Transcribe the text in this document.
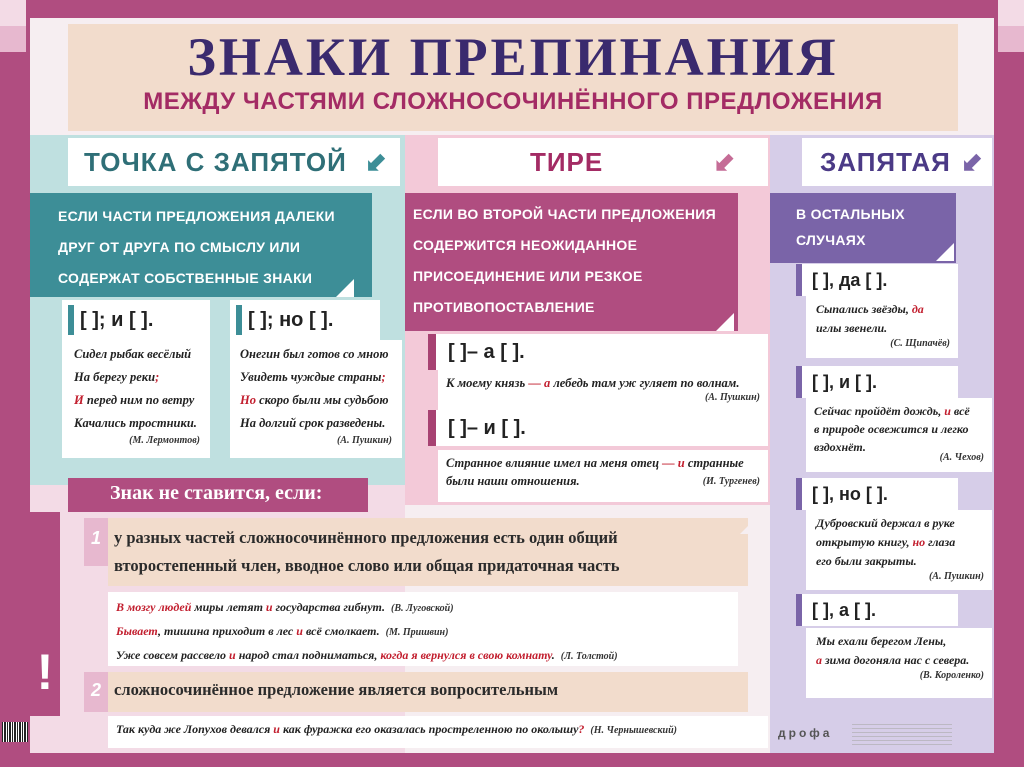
ЗНАКИ ПРЕПИНАНИЯ
МЕЖДУ ЧАСТЯМИ СЛОЖНОСОЧИНЁННОГО ПРЕДЛОЖЕНИЯ
ТОЧКА С ЗАПЯТОЙ ⬋	ТИРЕ	⬋	ЗАПЯТАЯ ⬋
ЕСЛИ ЧАСТИ ПРЕДЛОЖЕНИЯ ДАЛЕКИ
ДРУГ ОТ ДРУГА ПО СМЫСЛУ ИЛИ
СОДЕРЖАТ СОБСТВЕННЫЕ ЗНАКИ
ЕСЛИ ВО ВТОРОЙ ЧАСТИ ПРЕДЛОЖЕНИЯ
СОДЕРЖИТСЯ НЕОЖИДАННОЕ
ПРИСОЕДИНЕНИЕ ИЛИ РЕЗКОЕ
ПРОТИВОПОСТАВЛЕНИЕ
В ОСТАЛЬНЫХ
СЛУЧАЯХ
[ ]; и [ ].	[ ]; но [ ].
Сидел рыбак весёлый
На берегу реки;
И перед ним по ветру
Качались тростники.
(М. Лермонтов)
Онегин был готов со мною
Увидеть чуждые страны;
Но скоро были мы судьбою
На долгий срок разведены.
(А. Пушкин)
[ ]– а [ ].
К моему князь — а лебедь там уж гуляет по волнам.
(А. Пушкин)
[ ]– и [ ].
Странное влияние имел на меня отец — и странные
были наши отношения.	(И. Тургенев)
[ ], да [ ].
Сыпались звёзды, да
иглы звенели.
(С. Щипачёв)
[ ], и [ ].
Сейчас пройдёт дождь, и всё
в природе освежится и легко
вздохнёт.
(А. Чехов)
[ ], но [ ].
Дубровский держал в руке
открытую книгу, но глаза
его были закрыты.
(А. Пушкин)
[ ], а [ ].
Мы ехали берегом Лены,
а зима догоняла нас с севера.
(В. Короленко)
Знак не ставится, если:
!
1 у разных частей сложносочинённого предложения есть один общий
второстепенный член, вводное слово или общая придаточная часть
В мозгу людей миры летят и государства гибнут. (В. Луговской)
Бывает, тишина приходит в лес и всё смолкает. (М. Пришвин)
Уже совсем рассвело и народ стал подниматься, когда я вернулся в свою комнату. (Л. Толстой)
2 сложносочинённое предложение является вопросительным
Так куда же Лопухов девался и как фуражка его оказалась простреленною по околышу? (Н. Чернышевский)	дрофа
